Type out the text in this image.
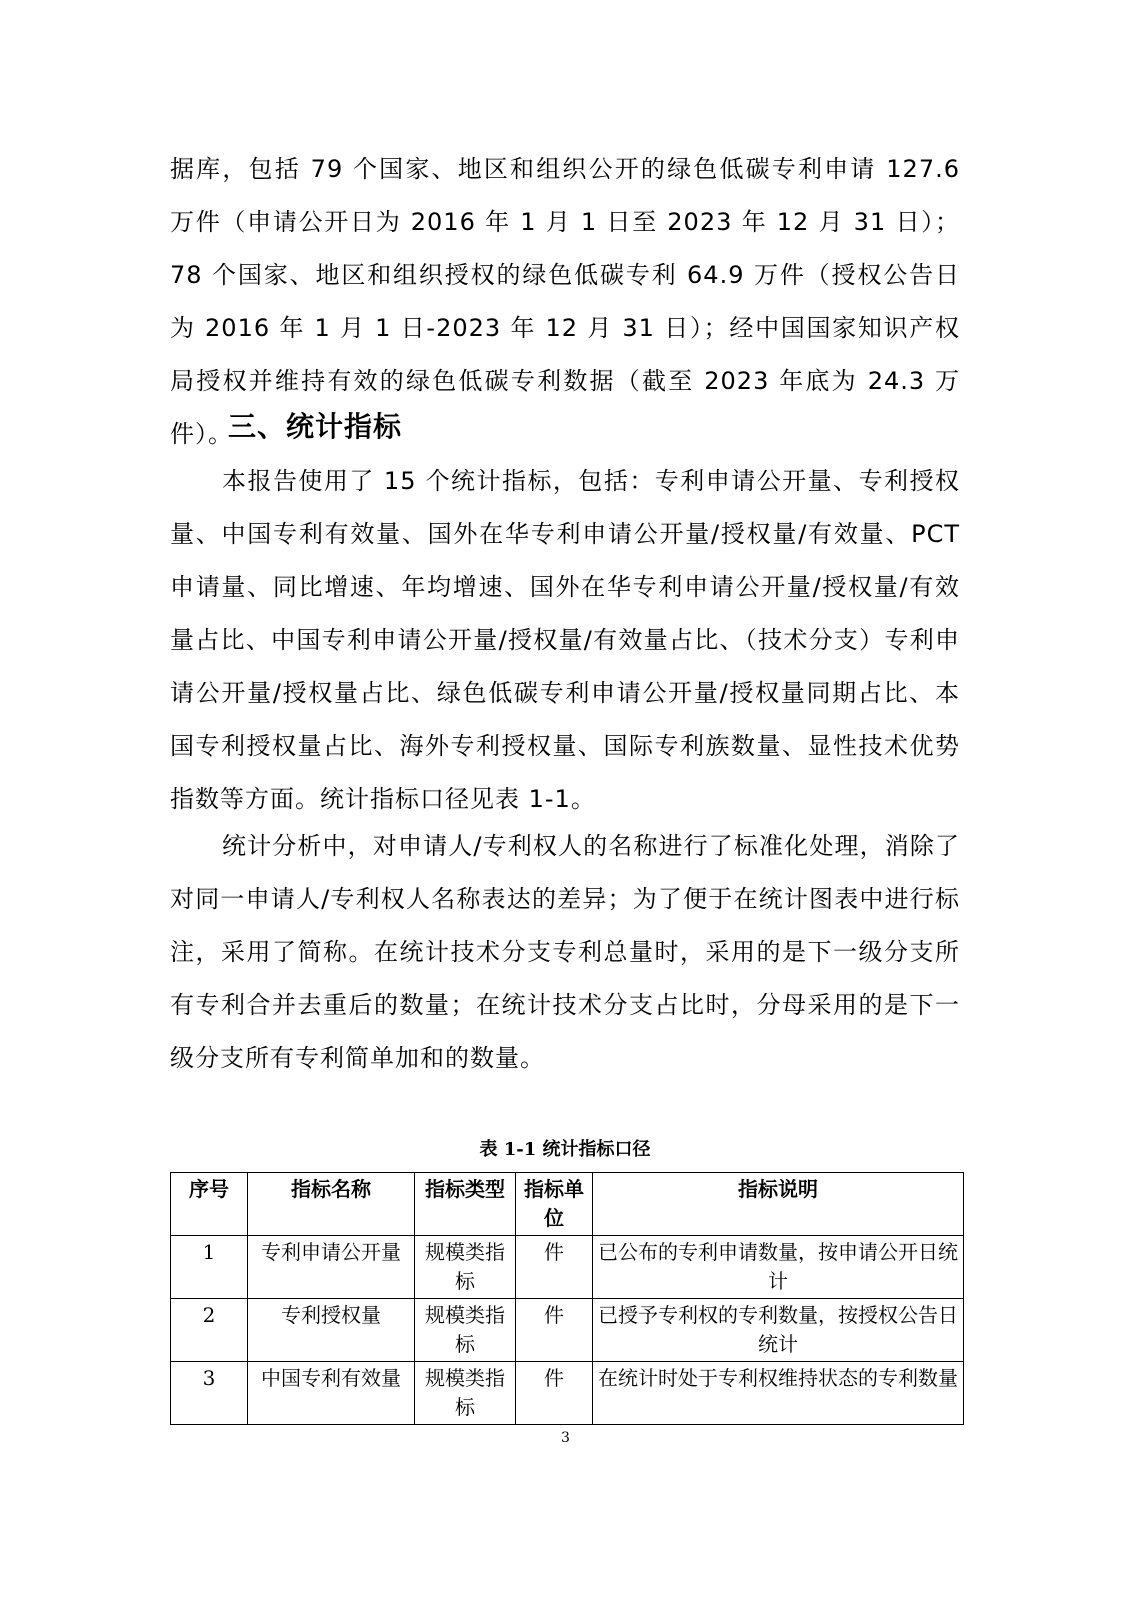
据库，包括 79 个国家、地区和组织公开的绿色低碳专利申请 127.6 万件（申请公开日为 2016 年 1 月 1 日至 2023 年 12 月 31 日）；78 个国家、地区和组织授权的绿色低碳专利 64.9 万件（授权公告日为 2016 年 1 月 1 日-2023 年 12 月 31 日）；经中国国家知识产权局授权并维持有效的绿色低碳专利数据（截至 2023 年底为 24.3 万件）。

三、统计指标

本报告使用了 15 个统计指标，包括：专利申请公开量、专利授权量、中国专利有效量、国外在华专利申请公开量/授权量/有效量、PCT 申请量、同比增速、年均增速、国外在华专利申请公开量/授权量/有效量占比、中国专利申请公开量/授权量/有效量占比、（技术分支）专利申请公开量/授权量占比、绿色低碳专利申请公开量/授权量同期占比、本国专利授权量占比、海外专利授权量、国际专利族数量、显性技术优势指数等方面。统计指标口径见表 1-1。

统计分析中，对申请人/专利权人的名称进行了标准化处理，消除了对同一申请人/专利权人名称表达的差异；为了便于在统计图表中进行标注，采用了简称。在统计技术分支专利总量时，采用的是下一级分支所有专利合并去重后的数量；在统计技术分支占比时，分母采用的是下一级分支所有专利简单加和的数量。

表 1-1 统计指标口径
序号	指标名称	指标类型	指标单位	指标说明
1	专利申请公开量	规模类指标	件	已公布的专利申请数量，按申请公开日统计
2	专利授权量	规模类指标	件	已授予专利权的专利数量，按授权公告日统计
3	中国专利有效量	规模类指标	件	在统计时处于专利权维持状态的专利数量
3
